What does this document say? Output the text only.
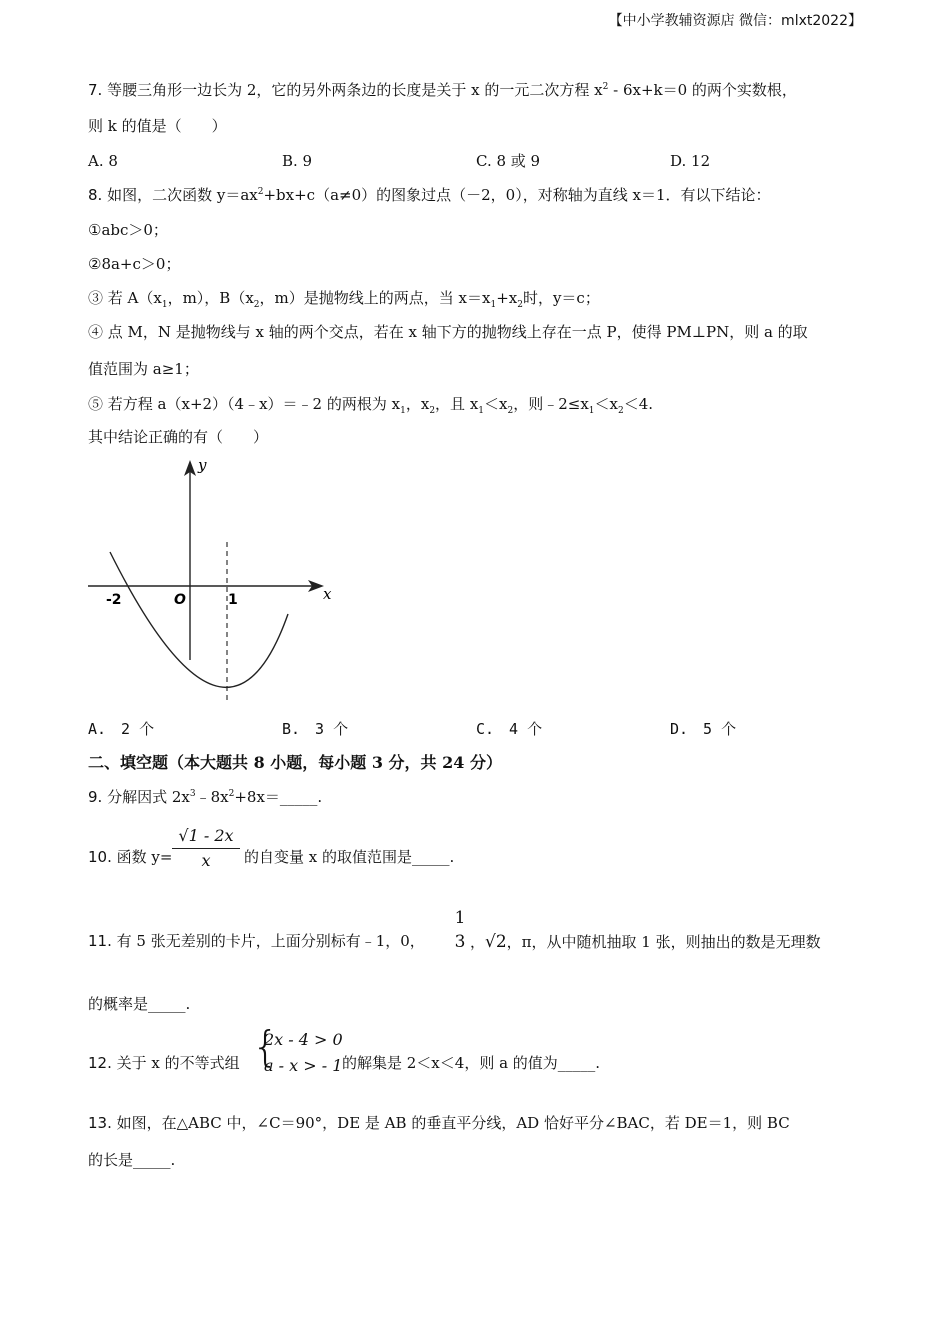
【中小学教辅资源店 微信：mlxt2022】
7. 等腰三角形一边长为 2，它的另外两条边的长度是关于 x 的一元二次方程 $x^2 - 6x+k=0$ 的两个实数根，
则 k 的值是（　　）
A. 8	B. 9	C. 8 或 9	D. 12
8. 如图，二次函数 $y=ax^2+bx+c(a\ne 0)$的图象过点（－2，0），对称轴为直线 x＝1．有以下结论：
①abc＞0；
②8a+c＞0；
③ 若 $A(x_1$，m），$B(x_2$，m）是抛物线上的两点，当 $x=x_1+x_2$时，y＝c；
④ 点 M，N 是抛物线与 x 轴的两个交点，若在 x 轴下方的抛物线上存在一点 P，使得 PM⊥PN，则 a 的取
值范围为 a≥1；
⑤ 若方程 a（x+2）（4﹣x）＝﹣2 的两根为 $x_1$，$x_2$，且 $x_1<x_2$，则$﹣2\le x_1<x_2<4$.
其中结论正确的有（　　）
y
x
O
-2	1
A.　2 个	B.　3 个	C.　4 个	D.　5 个
二、填空题（本大题共 8 小题，每小题 3 分，共 24 分）
9. 分解因式 $2x^3﹣8x^2+8x=\_\_\_\_\_$.
10. 函数 $y= \frac{√1 - 2x}{x}$ 的自变量 x 的取值范围是_____.
11. 有 5 张无差别的卡片，上面分别标有﹣1，0，
1
3 ，√2，π，从中随机抽取 1 张，则抽出的数是无理数
的概率是_____.
12. 关于 x 的不等式组 {
2x - 4 > 0
a - x > - 1 的解集是 2＜x＜4，则 a 的值为_____.
13. 如图，在△ABC 中，∠C＝90°，DE 是 AB 的垂直平分线，AD 恰好平分∠BAC，若 DE＝1，则 BC
的长是_____.
